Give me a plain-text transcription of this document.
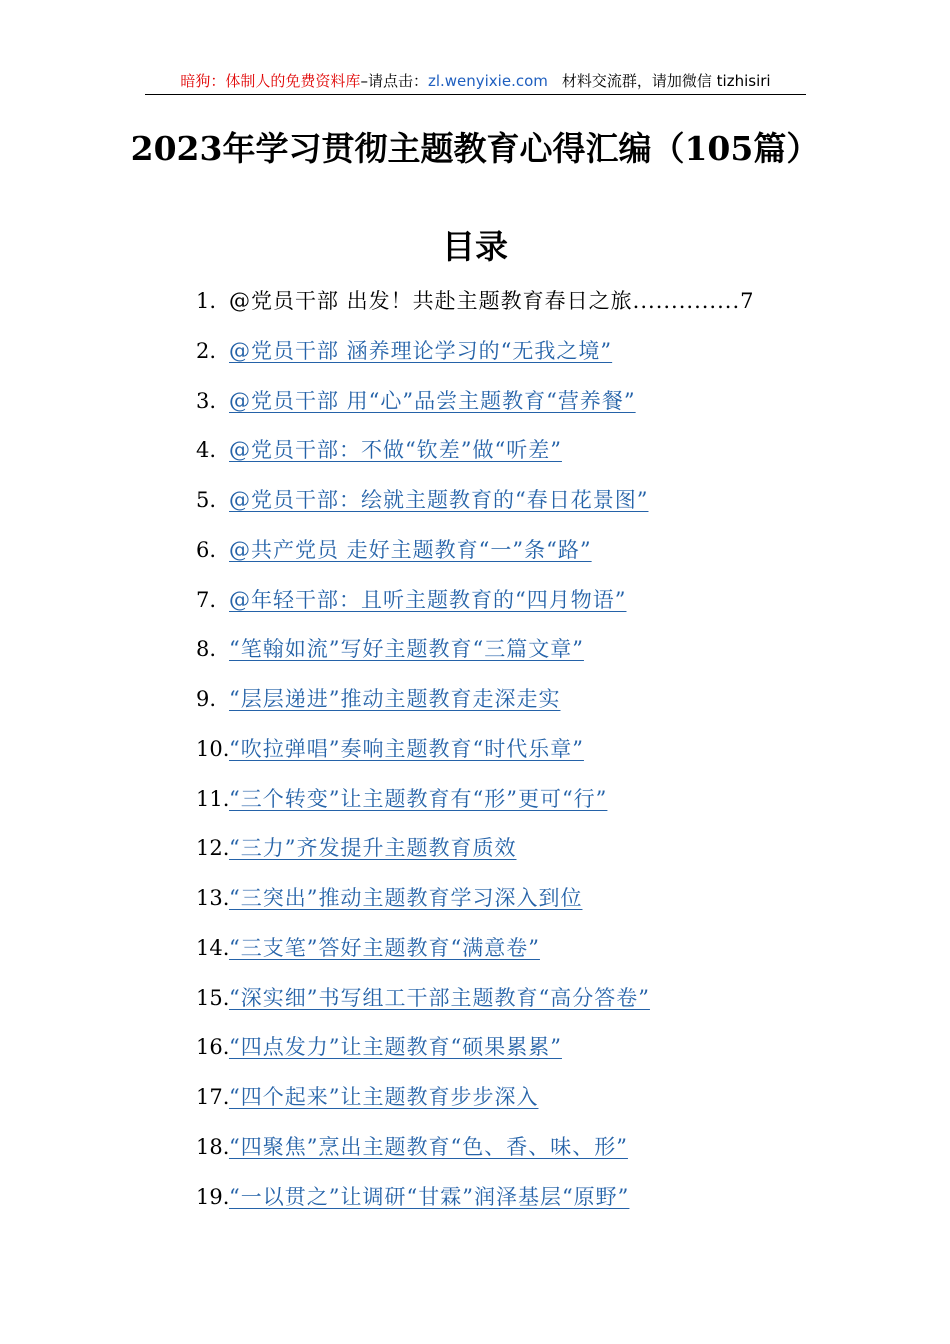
暗狗：体制人的免费资料库–请点击：zl.wenyixie.com 材料交流群，请加微信 tizhisiri
2023年学习贯彻主题教育心得汇编（105篇）
目录
1. @党员干部 出发！共赴主题教育春日之旅..............7
2. @党员干部 涵养理论学习的“无我之境”
3. @党员干部 用“心”品尝主题教育“营养餐”
4. @党员干部：不做“钦差”做“听差”
5. @党员干部：绘就主题教育的“春日花景图”
6. @共产党员 走好主题教育“一”条“路”
7. @年轻干部：且听主题教育的“四月物语”
8. “笔翰如流”写好主题教育“三篇文章”
9. “层层递进”推动主题教育走深走实
10.“吹拉弹唱”奏响主题教育“时代乐章”
11.“三个转变”让主题教育有“形”更可“行”
12.“三力”齐发提升主题教育质效
13.“三突出”推动主题教育学习深入到位
14.“三支笔”答好主题教育“满意卷”
15.“深实细”书写组工干部主题教育“高分答卷”
16.“四点发力”让主题教育“硕果累累”
17.“四个起来”让主题教育步步深入
18.“四聚焦”烹出主题教育“色、香、味、形”
19.“一以贯之”让调研“甘霖”润泽基层“原野”
